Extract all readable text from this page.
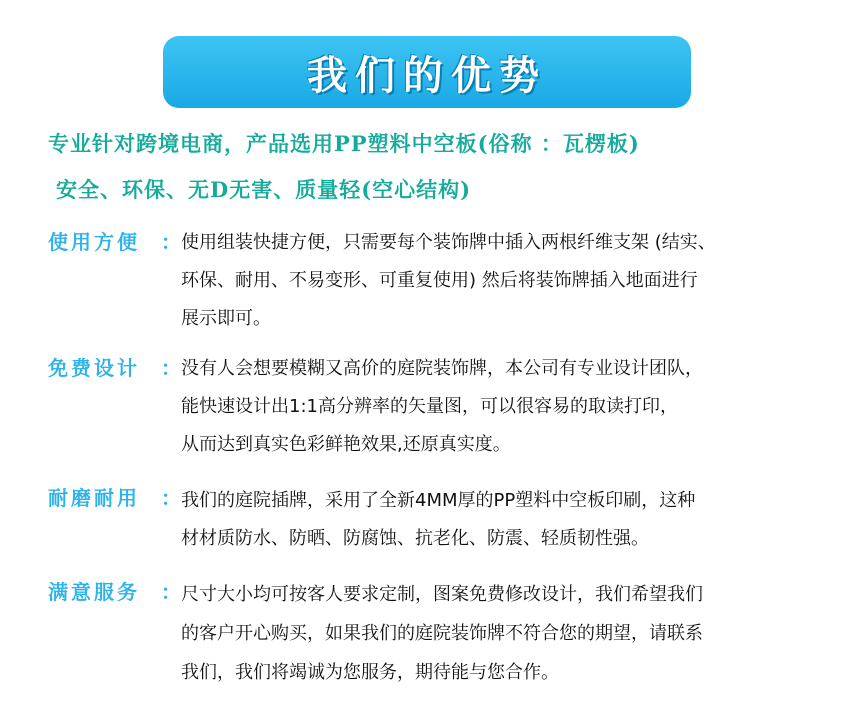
我们的优势
专业针对跨境电商，产品选用PP塑料中空板(俗称 ：瓦楞板)
安全、环保、无D无害、质量轻(空心结构)
使用方便 ： 使用组装快捷方便，只需要每个装饰牌中插入两根纤维支架 (结实、
环保、耐用、不易变形、可重复使用) 然后将装饰牌插入地面进行
展示即可。
免费设计 ： 没有人会想要模糊又高价的庭院装饰牌，本公司有专业设计团队，
能快速设计出1:1高分辨率的矢量图，可以很容易的取读打印，
从而达到真实色彩鲜艳效果,还原真实度。
耐磨耐用 ： 我们的庭院插牌，采用了全新4MM厚的PP塑料中空板印刷，这种
材材质防水、防晒、防腐蚀、抗老化、防震、轻质韧性强。
满意服务 ： 尺寸大小均可按客人要求定制，图案免费修改设计，我们希望我们
的客户开心购买，如果我们的庭院装饰牌不符合您的期望，请联系
我们，我们将竭诚为您服务，期待能与您合作。
